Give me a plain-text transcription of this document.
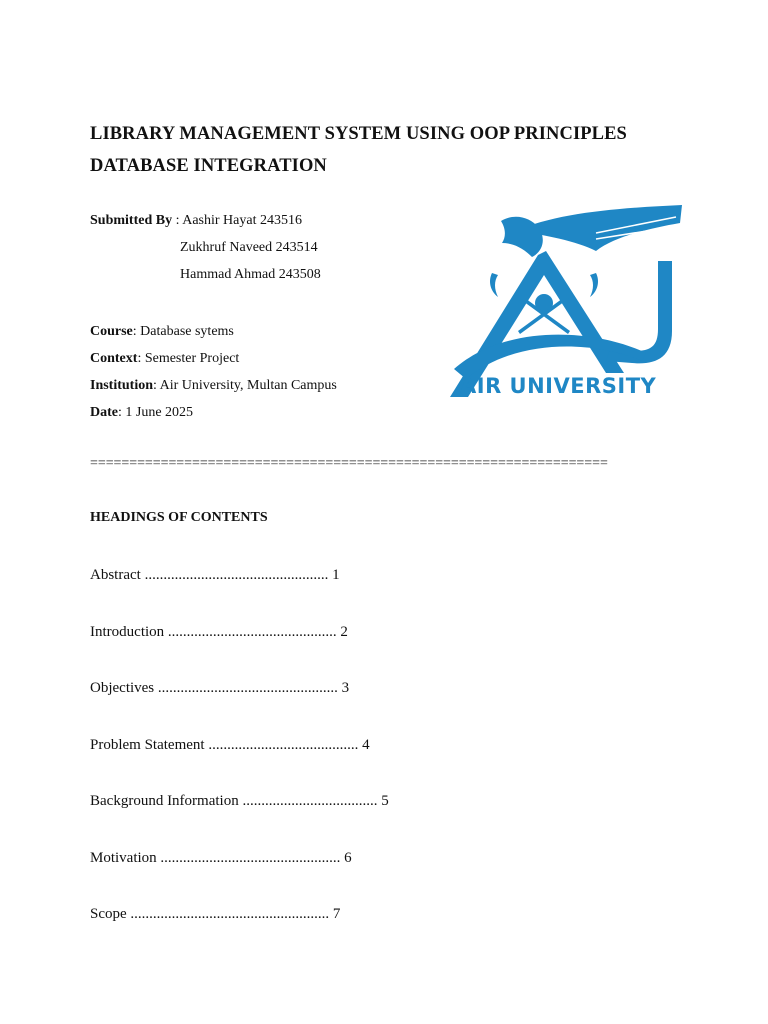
LIBRARY MANAGEMENT SYSTEM USING OOP PRINCIPLES
DATABASE INTEGRATION
Submitted By : Aashir Hayat 243516
Zukhruf Naveed 243514
Hammad Ahmad 243508
Course: Database sytems
Context: Semester Project
Institution: Air University, Multan Campus
Date: 1 June 2025
AIR UNIVERSITY
==================================================================
HEADINGS OF CONTENTS
Abstract ................................................. 1
Introduction ............................................. 2
Objectives ................................................ 3
Problem Statement ........................................ 4
Background Information .................................... 5
Motivation ................................................ 6
Scope ..................................................... 7
